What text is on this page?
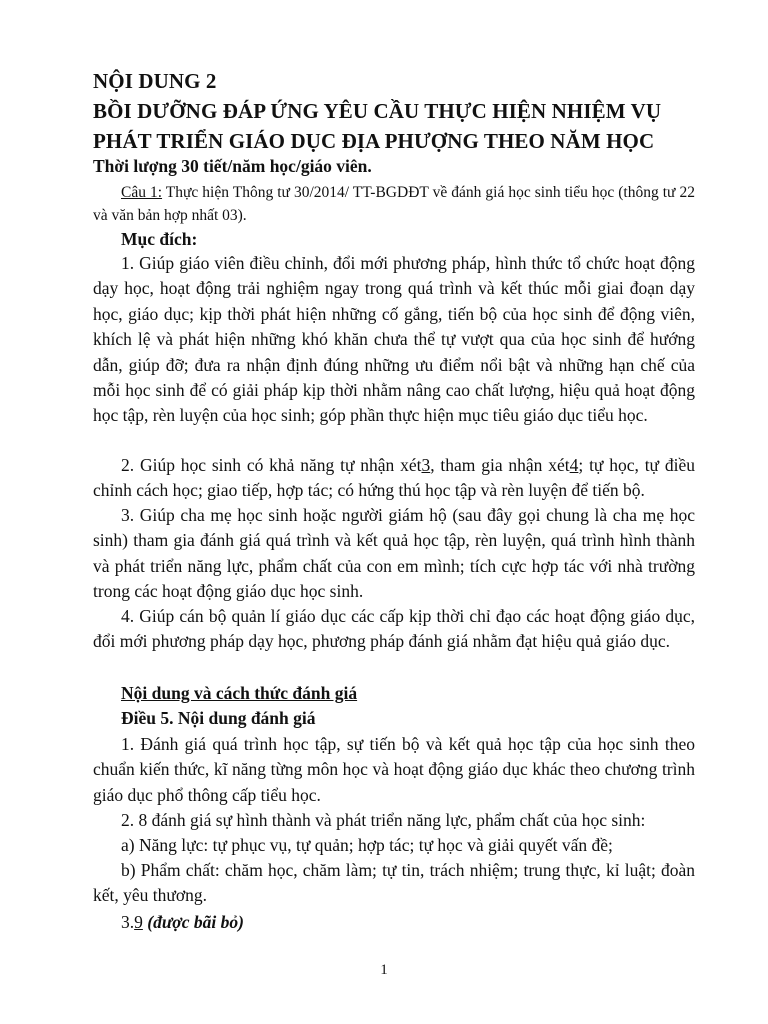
NỘI DUNG 2
BỒI DƯỠNG ĐÁP ỨNG YÊU CẦU THỰC HIỆN NHIỆM VỤ
PHÁT TRIỂN GIÁO DỤC ĐỊA PHƯỢNG THEO NĂM HỌC
Thời lượng 30 tiết/năm học/giáo viên.

Câu 1: Thực hiện Thông tư 30/2014/ TT-BGDĐT về đánh giá học sinh tiểu học (thông tư 22 và văn bản hợp nhất 03).

Mục đích:

1. Giúp giáo viên điều chỉnh, đổi mới phương pháp, hình thức tổ chức hoạt động dạy học, hoạt động trải nghiệm ngay trong quá trình và kết thúc mỗi giai đoạn dạy học, giáo dục; kịp thời phát hiện những cố gắng, tiến bộ của học sinh để động viên, khích lệ và phát hiện những khó khăn chưa thể tự vượt qua của học sinh để hướng dẫn, giúp đỡ; đưa ra nhận định đúng những ưu điểm nổi bật và những hạn chế của mỗi học sinh để có giải pháp kịp thời nhằm nâng cao chất lượng, hiệu quả hoạt động học tập, rèn luyện của học sinh; góp phần thực hiện mục tiêu giáo dục tiểu học.

2. Giúp học sinh có khả năng tự nhận xét3, tham gia nhận xét4; tự học, tự điều chỉnh cách học; giao tiếp, hợp tác; có hứng thú học tập và rèn luyện để tiến bộ.

3. Giúp cha mẹ học sinh hoặc người giám hộ (sau đây gọi chung là cha mẹ học sinh) tham gia đánh giá quá trình và kết quả học tập, rèn luyện, quá trình hình thành và phát triển năng lực, phẩm chất của con em mình; tích cực hợp tác với nhà trường trong các hoạt động giáo dục học sinh.

4. Giúp cán bộ quản lí giáo dục các cấp kịp thời chỉ đạo các hoạt động giáo dục, đổi mới phương pháp dạy học, phương pháp đánh giá nhằm đạt hiệu quả giáo dục.

Nội dung và cách thức đánh giá
Điều 5. Nội dung đánh giá

1. Đánh giá quá trình học tập, sự tiến bộ và kết quả học tập của học sinh theo chuẩn kiến thức, kĩ năng từng môn học và hoạt động giáo dục khác theo chương trình giáo dục phổ thông cấp tiểu học.

2. 8 đánh giá sự hình thành và phát triển năng lực, phẩm chất của học sinh:

a) Năng lực: tự phục vụ, tự quản; hợp tác; tự học và giải quyết vấn đề;

b) Phẩm chất: chăm học, chăm làm; tự tin, trách nhiệm; trung thực, kỉ luật; đoàn kết, yêu thương.

3.9 (được bãi bỏ)

1
